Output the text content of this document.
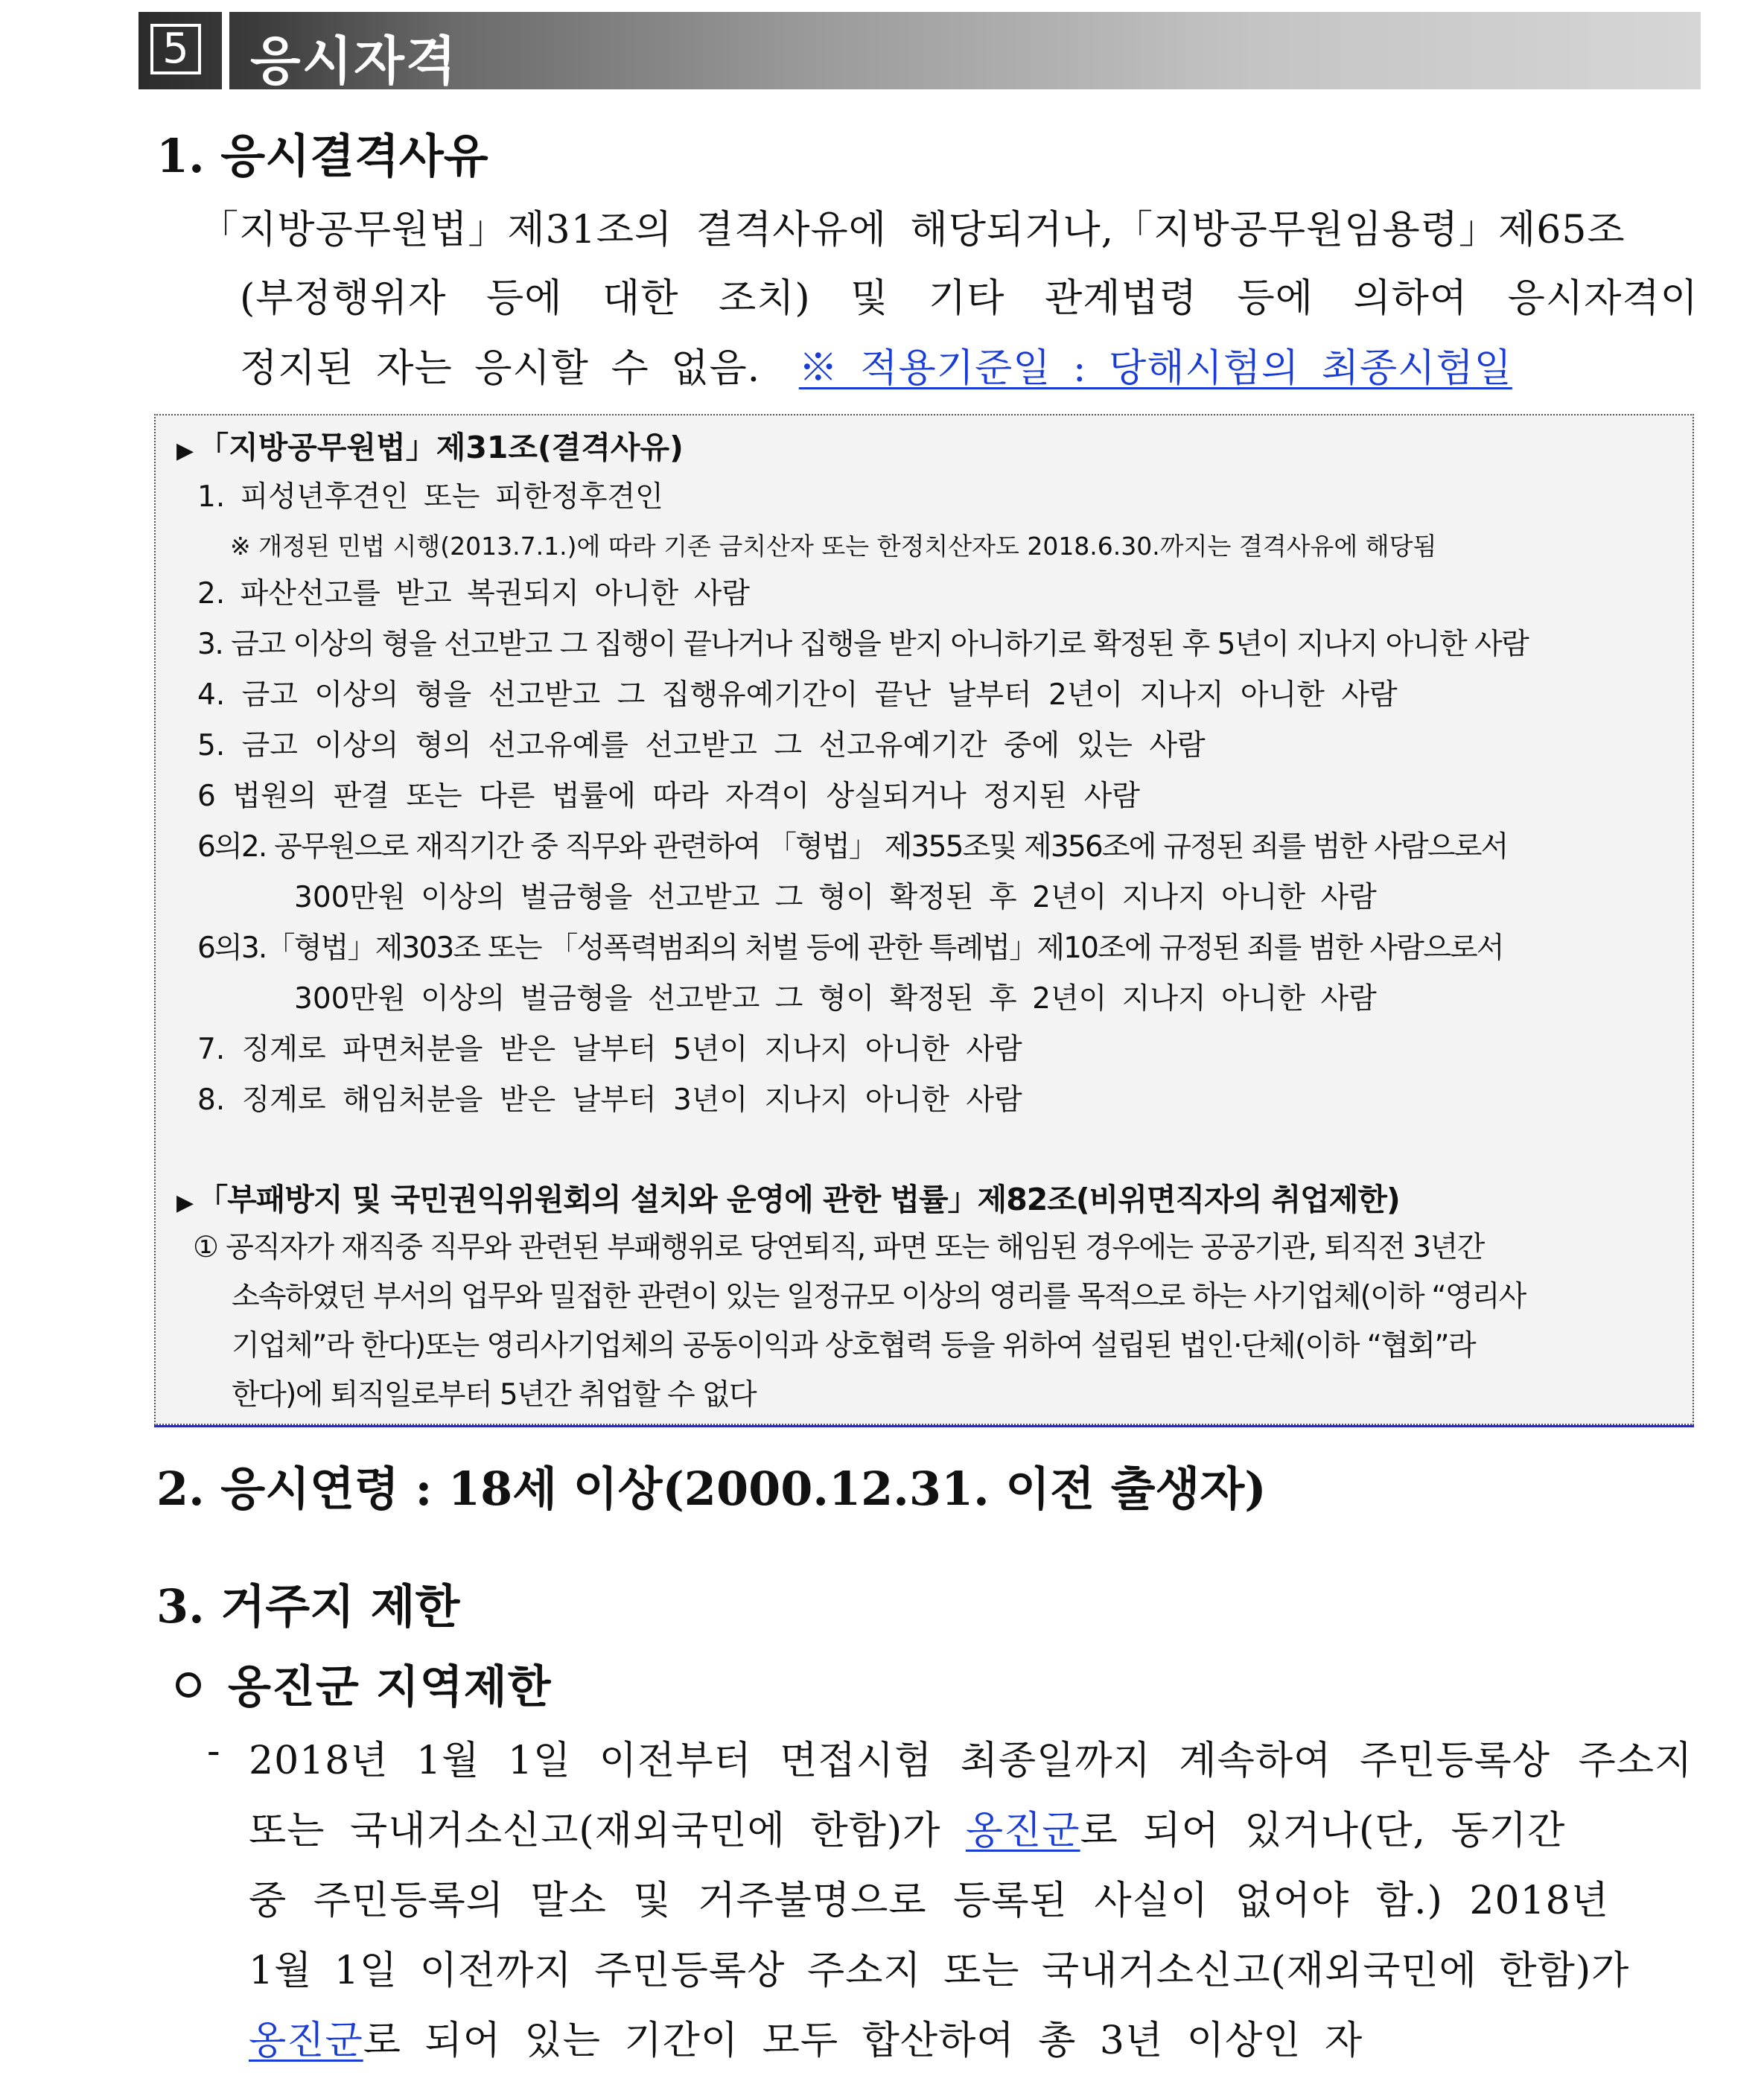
5 응시자격
1. 응시결격사유
「지방공무원법」제31조의 결격사유에 해당되거나,「지방공무원임용령」제65조
(부정행위자 등에 대한 조치) 및 기타 관계법령 등에 의하여 응시자격이
정지된 자는 응시할 수 없음. ※ 적용기준일 : 당해시험의 최종시험일
▶ 「지방공무원법」제31조(결격사유)
1. 피성년후견인 또는 피한정후견인
※ 개정된 민법 시행(2013.7.1.)에 따라 기존 금치산자 또는 한정치산자도 2018.6.30.까지는 결격사유에 해당됨
2. 파산선고를 받고 복권되지 아니한 사람
3. 금고 이상의 형을 선고받고 그 집행이 끝나거나 집행을 받지 아니하기로 확정된 후 5년이 지나지 아니한 사람
4. 금고 이상의 형을 선고받고 그 집행유예기간이 끝난 날부터 2년이 지나지 아니한 사람
5. 금고 이상의 형의 선고유예를 선고받고 그 선고유예기간 중에 있는 사람
6 법원의 판결 또는 다른 법률에 따라 자격이 상실되거나 정지된 사람
6의2. 공무원으로 재직기간 중 직무와 관련하여 「형법」 제355조및 제356조에 규정된 죄를 범한 사람으로서
300만원 이상의 벌금형을 선고받고 그 형이 확정된 후 2년이 지나지 아니한 사람
6의3.「형법」제303조 또는 「성폭력범죄의 처벌 등에 관한 특례법」제10조에 규정된 죄를 범한 사람으로서
300만원 이상의 벌금형을 선고받고 그 형이 확정된 후 2년이 지나지 아니한 사람
7. 징계로 파면처분을 받은 날부터 5년이 지나지 아니한 사람
8. 징계로 해임처분을 받은 날부터 3년이 지나지 아니한 사람
▶ 「부패방지 및 국민권익위원회의 설치와 운영에 관한 법률」제82조(비위면직자의 취업제한)
① 공직자가 재직중 직무와 관련된 부패행위로 당연퇴직, 파면 또는 해임된 경우에는 공공기관, 퇴직전 3년간
소속하였던 부서의 업무와 밀접한 관련이 있는 일정규모 이상의 영리를 목적으로 하는 사기업체(이하 “영리사
기업체”라 한다)또는 영리사기업체의 공동이익과 상호협력 등을 위하여 설립된 법인·단체(이하 “협회”라
한다)에 퇴직일로부터 5년간 취업할 수 없다
2. 응시연령 : 18세 이상(2000.12.31. 이전 출생자)
3. 거주지 제한
옹진군 지역제한
- 2018년 1월 1일 이전부터 면접시험 최종일까지 계속하여 주민등록상 주소지
또는 국내거소신고(재외국민에 한함)가 옹진군로 되어 있거나(단, 동기간
중 주민등록의 말소 및 거주불명으로 등록된 사실이 없어야 함.) 2018년
1월 1일 이전까지 주민등록상 주소지 또는 국내거소신고(재외국민에 한함)가
옹진군로 되어 있는 기간이 모두 합산하여 총 3년 이상인 자
